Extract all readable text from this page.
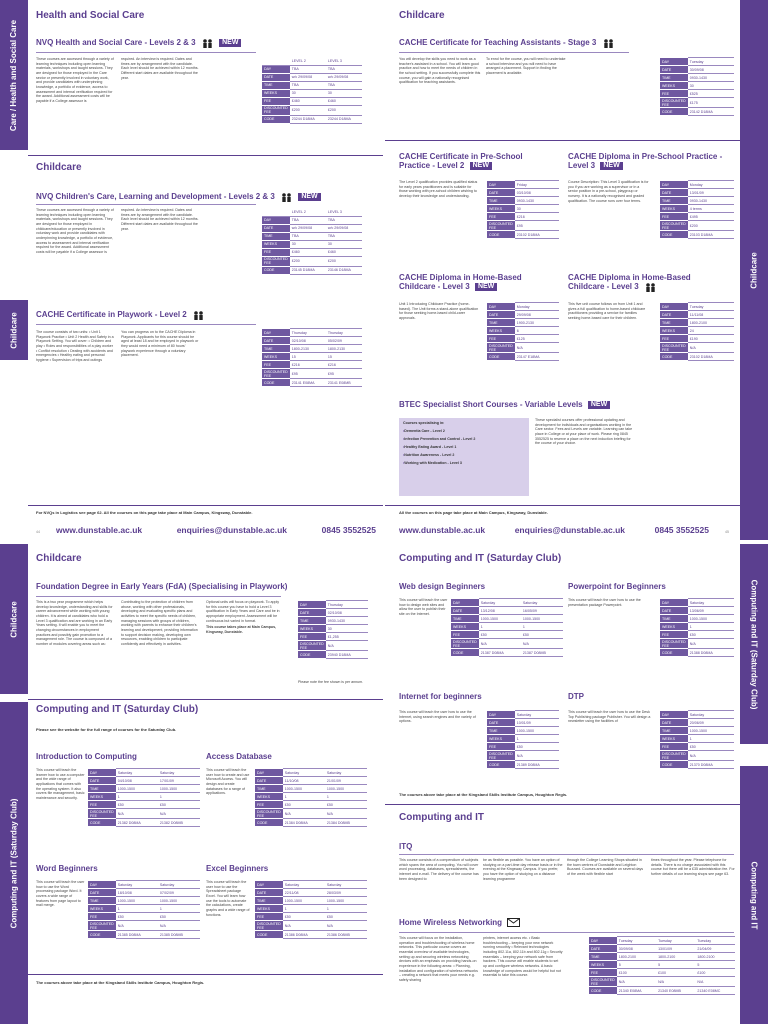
Care / Health and Social Care
Health and Social Care
NVQ Health and Social Care - Levels 2 & 3	NEW
These courses are accessed through a variety of learning techniques including open learning materials, workshops and taught sessions. They are designed for those employed in the Care sector or presently involved in voluntary work, and provide candidates with underpinning knowledge, a portfolio of evidence, access to assessment and internal verification required for the award. Additional assessment costs will be payable if a College assessor is
required. An interview is required. Dates and times are by arrangement with the candidate. Each level should be achieved within 12 months. Different start dates are available throughout the year.
	LEVEL 2	LEVEL 3
DAY	TBA	TBA
DATE	w/c 29/09/08	w/c 29/09/08
TIME	TBA	TBA
WEEKS	30	30
FEE	£460	£460
DISCOUNTED FEE	£200	£200
CODE	23244 D18MA	23244 D18MA
Childcare
NVQ Children's Care, Learning and Development - Levels 2 & 3	NEW
These courses are accessed through a variety of learning techniques including open learning materials, workshops and taught sessions. They are designed for those employed in childcare/education or presently involved in voluntary work and provide candidates with underpinning knowledge, a portfolio of evidence, access to assessment and internal verification required for the award. Additional assessment costs will be payable if a College assessor is
required. An interview is required. Dates and times are by arrangement with the candidate. Each level should be achieved within 12 months. Different start dates are available throughout the year.
	LEVEL 2	LEVEL 3
DAY	TBA	TBA
DATE	w/c 29/09/08	w/c 29/09/08
TIME	TBA	TBA
WEEKS	30	30
FEE	£460	£460
DISCOUNTED FEE	£200	£200
CODE	23145 D18MA	23146 D18MA
Childcare CACHE Certificate in Playwork - Level 2
The course consists of two units: • Unit 1 Playwork Practice • Unit 2 Health and Safety in a Playwork Setting. You will cover: • Children and play • Roles and responsibilities of a play worker • Conflict resolution • Dealing with accidents and emergencies • Healthy eating and personal hygiene • Supervision of trips and outings
You can progress on to the CACHE Diploma in Playwork. Applicants for this course should be aged at least 18 and be employed in playwork or they would need a minimum of 80 hours' playwork experience through a voluntary placement.
DAY	Thursday	Thursday
DATE	02/10/08	05/02/09
TIME	1800-2130	1800-2130
WEEKS	15	15
FEE	£216	£216
DISCOUNTED FEE	£95	£95
CODE	23141 E08MA	23141 E08MB
For NVQs in Logistics see page 62. All the courses on this page take place at Main Campus, Kingsway, Dunstable.
44 www.dunstable.ac.uk	enquiries@dunstable.ac.uk	0845 3552525
Childcare
Childcare
CACHE Certificate for Teaching Assistants - Stage 3
You will develop the skills you need to work as a teacher's assistant in a school. You will learn good practice and how to meet the needs of children in the school setting. If you successfully complete this course, you will gain a nationally recognised qualification for teaching assistants.
To enrol for the course, you will need to undertake a school interview and you will need to have arranged a placement. Support in finding the placement is available.
DAY	Tuesday
DATE	30/09/08
TIME	0930-1430
WEEKS	30
FEE	£525
DISCOUNTED FEE	£175
CODE	23142 D18MA
CACHE Certificate in Pre-School Practice - Level 2 NEW
The Level 2 qualification provides qualified status for early years practitioners and is suitable for those working with pre-school children wishing to develop their knowledge and understanding.
DAY	Friday
DATE	03/10/08
TIME	0930-1430
WEEKS	30
FEE	£216
DISCOUNTED FEE	£95
CODE	23102 D18MA
CACHE Diploma in Pre-School Practice - Level 3 NEW
Course Description: This Level 3 qualification is for you if you are working as a supervisor or in a senior position in a pre-school, playgroup or nursery. It is a nationally recognised and graded qualification. The course runs over four terms.
DAY	Monday
DATE	13/01/09
TIME	0930-1430
WEEKS	4 terms
FEE	£495
DISCOUNTED FEE	£200
CODE	23103 D18MA
CACHE Diploma in Home-Based Childcare - Level 3 NEW
Unit 1 Introducing Childcare Practice (home-based). The Unit forms a stand-alone qualification for those seeking home-based child-carer approvals.
DAY	Monday
DATE	29/09/08
TIME	1900-2130
WEEKS	6
FEE	£125
DISCOUNTED FEE	N/A
CODE	23147 E18MA
CACHE Diploma in Home-Based Childcare - Level 3
This five unit course follows on from Unit 1 and gives a full qualification to home-based childcare practitioners providing a service for families seeking home-based care for their children.
DAY	Tuesday
DATE	11/11/08
TIME	1800-2100
WEEKS	24
FEE	£190
DISCOUNTED FEE	N/A
CODE	23102 D18MA
BTEC Specialist Short Courses - Variable Levels NEW
Courses specialising in:
• Dementia Care - Level 2
• Infection Prevention and Control - Level 2
• Healthy Eating Award - Level 1
• Nutrition Awareness - Level 2
• Working with Medication - Level 3
These specialist courses offer professional updating and development for individuals and organisations working in the Care sector. Fees and Levels are variable. Learning can take place in College or at your place of work. Please ring 0845 3552525 to reserve a place on the next induction briefing for the course of your choice.
All the courses on this page take place at Main Campus, Kingsway, Dunstable.
www.dunstable.ac.uk	enquiries@dunstable.ac.uk	0845 3552525	45
Childcare
Computing and IT (Saturday Club)
Childcare
Foundation Degree in Early Years (FdA) (Specialising in Playwork)
This is a two year programme which helps develop knowledge, understanding and skills for career advancement while working with young children. It is aimed at candidates who hold a Level 3 qualification and are working in an Early Years setting. It will enable you to meet the changing circumstances in employment practices and possibly gain promotion to a management role. The course is composed of a number of modules covering areas such as:
Contributing to the protection of children from abuse, working with other professionals, developing and evaluating specific plans and activities to meet the specific needs of children, managing sessions with groups of children, working with parents to enhance their children's learning and development, providing information to support decision making, developing own resources, enabling children to participate confidently and effectively in activities.

Optional units will focus on playwork. To apply for this course you have to hold a Level 3 qualification in Early Years and Care and be in appropriate employment. Assessment will be continuous but varied in format.

This course takes place at Main Campus, Kingsway, Dunstable.

DAY	Thursday
DATE	02/10/08
TIME	0930-1430
WEEKS	30
FEE	£1,255
DISCOUNTED FEE	N/A
CODE	23940 D18MA
Please note the fee shown is per annum.
Computing and IT (Saturday Club)
Please see the website for the full range of courses for the Saturday Club.
Introduction to Computing
This course will teach the learner how to use a computer and the wide range of applications that comes with the operating system. It also covers file management, basic maintenance and security.
DAY	Saturday	Saturday
DATE	04/10/08	17/01/09
TIME	1000-1500	1000-1500
WEEKS	1	1
FEE	£50	£50
DISCOUNTED FEE	N/A	N/A
CODE	21382 D08MA	21382 D08MB
Access Database
This course will teach the user how to create and use Microsoft Access. You will design and create databases for a range of applications.
DAY	Saturday	Saturday
DATE	11/10/08	21/01/09
TIME	1000-1500	1000-1500
WEEKS	1	1
FEE	£50	£50
DISCOUNTED FEE	N/A	N/A
CODE	21384 D08MA	21384 D08MB
Word Beginners
This course will teach the user how to use the Word processing package Word. It covers a wide range of features from page layout to mail merge.
DAY	Saturday	Saturday
DATE	18/10/08	07/02/09
TIME	1000-1500	1000-1500
WEEKS	1	1
FEE	£50	£50
DISCOUNTED FEE	N/A	N/A
CODE	21385 D08MA	21385 D08MB
Excel Beginners
This course will teach the user how to use the Spreadsheet package Excel. You will learn how use the tools to automate the calculations, create graphs and a wide range of functions.
DAY	Saturday	Saturday
DATE	22/11/08	28/03/09
TIME	1000-1500	1000-1500
WEEKS	1	1
FEE	£50	£50
DISCOUNTED FEE	N/A	N/A
CODE	21386 D08MA	21386 D08MB
The courses above take place at the Kingsland Skills Institute Campus, Houghton Regis.
Computing and IT (Saturday Club)
Computing and IT
Computing and IT (Saturday Club)
Web design Beginners
This course will teach the user how to design web sites and allow the user to publish their site on the Internet.
DAY	Saturday	Saturday
DATE	13/12/08	16/05/09
TIME	1000-1500	1000-1500
WEEKS	1	1
FEE	£50	£50
DISCOUNTED FEE	N/A	N/A
CODE	21387 D08MA	21387 D08MB
Powerpoint for Beginners
This course will teach the user how to use the presentation package Powerpoint.
DAY	Saturday
DATE	13/06/09
TIME	1000-1500
WEEKS	1
FEE	£50
DISCOUNTED FEE	N/A
CODE	21388 D08MA
Internet for beginners
This course will teach the user how to use the Internet, using search engines and the variety of options.
DAY	Saturday
DATE	10/01/09
TIME	1000-1500
WEEKS	1
FEE	£50
DISCOUNTED FEE	N/A
CODE	21389 D08MA
DTP
This course will teach the user how to use the Desk Top Publishing package Publisher. You will design a newsletter using the facilities of
DAY	Saturday
DATE	20/06/09
TIME	1000-1500
WEEKS	1
FEE	£50
DISCOUNTED FEE	N/A
CODE	21370 D08MA
The courses above take place at the Kingsland Skills Institute Campus, Houghton Regis.
Computing and IT
ITQ
This course consists of a compendium of subjects which spans the area of computing. You will cover word processing, databases, spreadsheets, the internet and e-mail. The delivery of the course has been designed to
be as flexible as possible. You have an option of studying on a part-time day release basis or in the evening at the Kingsway Campus. If you prefer, you have the option of studying on a distance learning programme
through the College Learning Shops situated in the town centres of Dunstable and Leighton Buzzard. Courses are available on several days of the week with flexible start
times throughout the year. Please telephone for details. There is no charge associated with this course but there will be a £35 administration fee. For further details of our learning shops see page 63.
Home Wireless Networking
This course will focus on the installation, operation and troubleshooting of wireless home networks. This particular course covers an essential overview of available technologies, setting up and securing wireless networking devices with an emphasis on providing hands-on experience in the following areas: • Planning, installation and configuration of wireless networks – creating a network that meets your needs e.g. safely sharing
printers, internet access etc. • Basic troubleshooting – keeping your new network running smoothly • Relevant technologies including 802.11a, 802.11b and 802.11g • Security essentials – keeping your network safe from hackers. This course will enable students to set up and configure wireless networks. A basic knowledge of computers would be helpful but not essential to take this course.
DAY	Tuesday	Tuesday	Tuesday
DATE	30/09/08	13/01/09	21/04/09
TIME	1800-2100	1800-2100	1800-2100
WEEKS	5	5	5
FEE	£100	£100	£100
DISCOUNTED FEE	N/A	N/A	N/A
CODE	21340 E08MA	21340 E08MB	21340 E08MC
